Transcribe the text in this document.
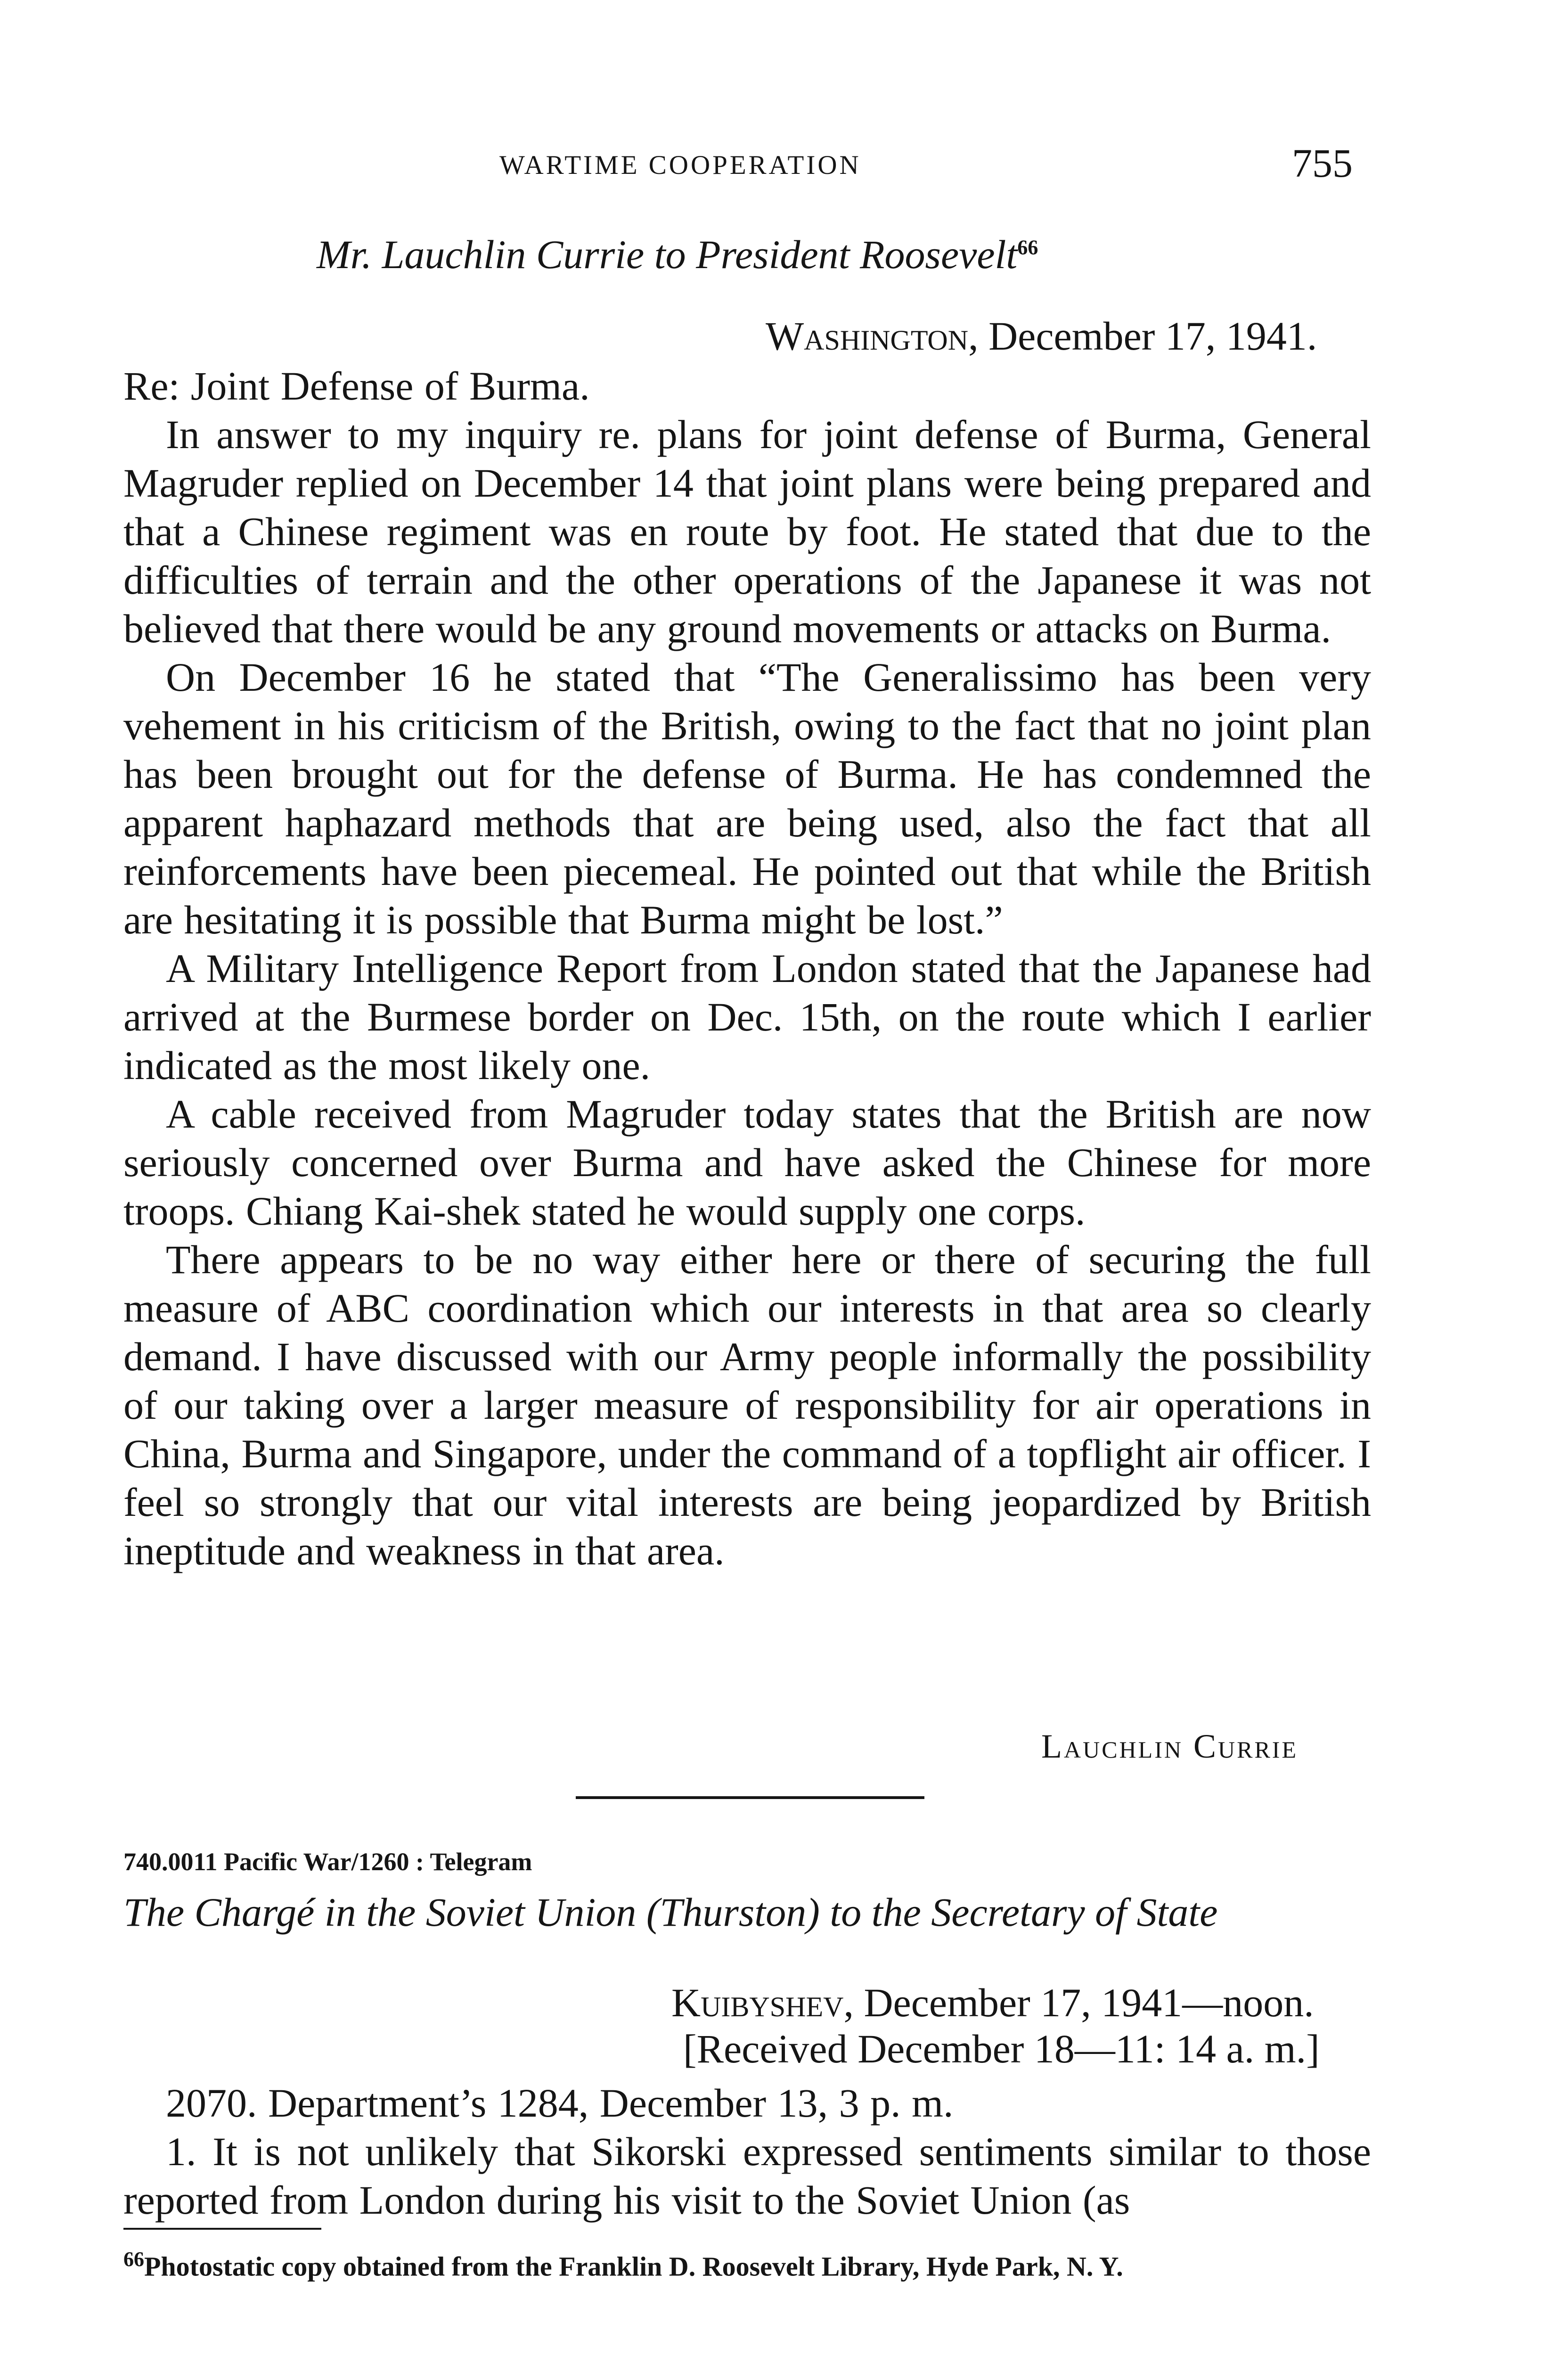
WARTIME COOPERATION	755
Mr. Lauchlin Currie to President Roosevelt$^{66}$
Washington, December 17, 1941.

Re: Joint Defense of Burma.

In answer to my inquiry re. plans for joint defense of Burma, General Magruder replied on December 14 that joint plans were being prepared and that a Chinese regiment was en route by foot. He stated that due to the difficulties of terrain and the other operations of the Japanese it was not believed that there would be any ground movements or attacks on Burma.

On December 16 he stated that “The Generalissimo has been very vehement in his criticism of the British, owing to the fact that no joint plan has been brought out for the defense of Burma. He has condemned the apparent haphazard methods that are being used, also the fact that all reinforcements have been piecemeal. He pointed out that while the British are hesitating it is possible that Burma might be lost.”

A Military Intelligence Report from London stated that the Japanese had arrived at the Burmese border on Dec. 15th, on the route which I earlier indicated as the most likely one.

A cable received from Magruder today states that the British are now seriously concerned over Burma and have asked the Chinese for more troops. Chiang Kai-shek stated he would supply one corps.

There appears to be no way either here or there of securing the full measure of ABC coordination which our interests in that area so clearly demand. I have discussed with our Army people informally the possibility of our taking over a larger measure of responsibility for air operations in China, Burma and Singapore, under the command of a topflight air officer. I feel so strongly that our vital interests are being jeopardized by British ineptitude and weakness in that area.

Lauchlin Currie
740.0011 Pacific War/1260 : Telegram
The Chargé in the Soviet Union (Thurston) to the Secretary of State
Kuibyshev, December 17, 1941—noon.
[Received December 18—11: 14 a. m.]

2070. Department’s 1284, December 13, 3 p. m.

1. It is not unlikely that Sikorski expressed sentiments similar to those reported from London during his visit to the Soviet Union (as

$^{66}$Photostatic copy obtained from the Franklin D. Roosevelt Library, Hyde Park, N. Y.
